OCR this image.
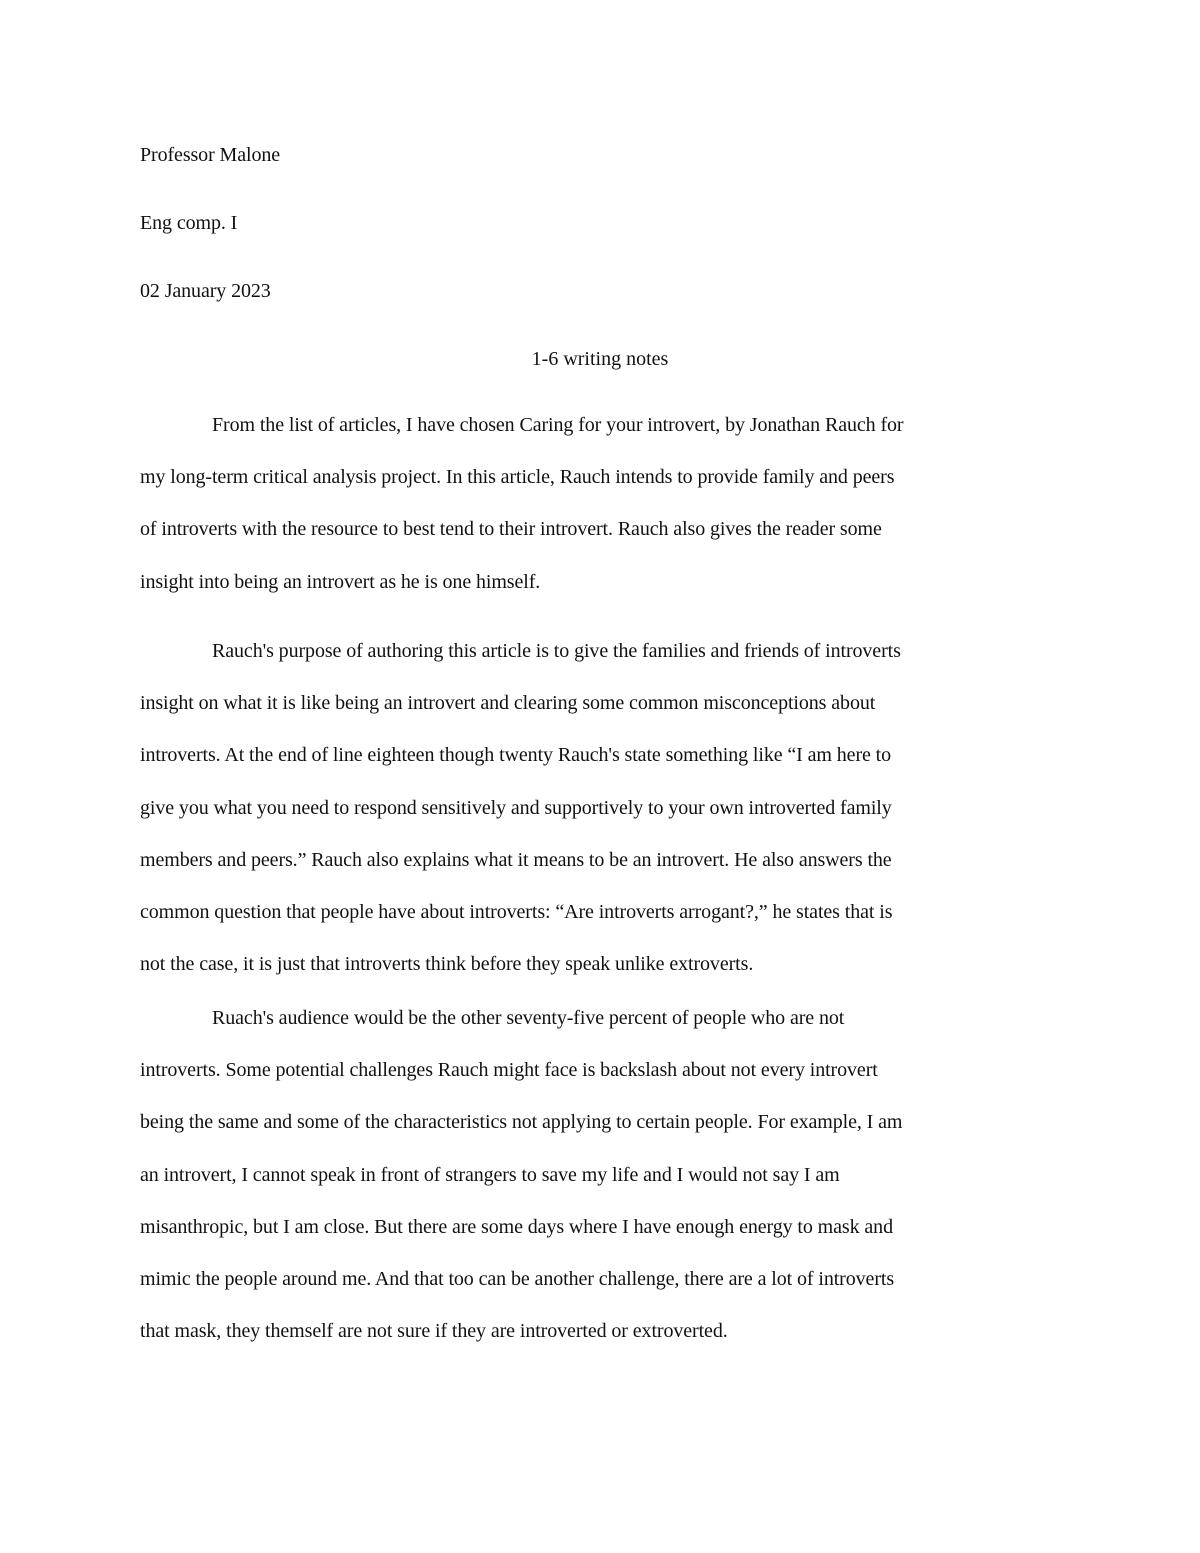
Professor Malone
Eng comp. I
02 January 2023
1-6 writing notes
From the list of articles, I have chosen Caring for your introvert, by Jonathan Rauch for
my long-term critical analysis project. In this article, Rauch intends to provide family and peers
of introverts with the resource to best tend to their introvert. Rauch also gives the reader some
insight into being an introvert as he is one himself.
Rauch's purpose of authoring this article is to give the families and friends of introverts
insight on what it is like being an introvert and clearing some common misconceptions about
introverts. At the end of line eighteen though twenty Rauch's state something like “I am here to
give you what you need to respond sensitively and supportively to your own introverted family
members and peers.” Rauch also explains what it means to be an introvert. He also answers the
common question that people have about introverts: “Are introverts arrogant?,” he states that is
not the case, it is just that introverts think before they speak unlike extroverts.
Ruach's audience would be the other seventy-five percent of people who are not
introverts. Some potential challenges Rauch might face is backslash about not every introvert
being the same and some of the characteristics not applying to certain people. For example, I am
an introvert, I cannot speak in front of strangers to save my life and I would not say I am
misanthropic, but I am close. But there are some days where I have enough energy to mask and
mimic the people around me. And that too can be another challenge, there are a lot of introverts
that mask, they themself are not sure if they are introverted or extroverted.
